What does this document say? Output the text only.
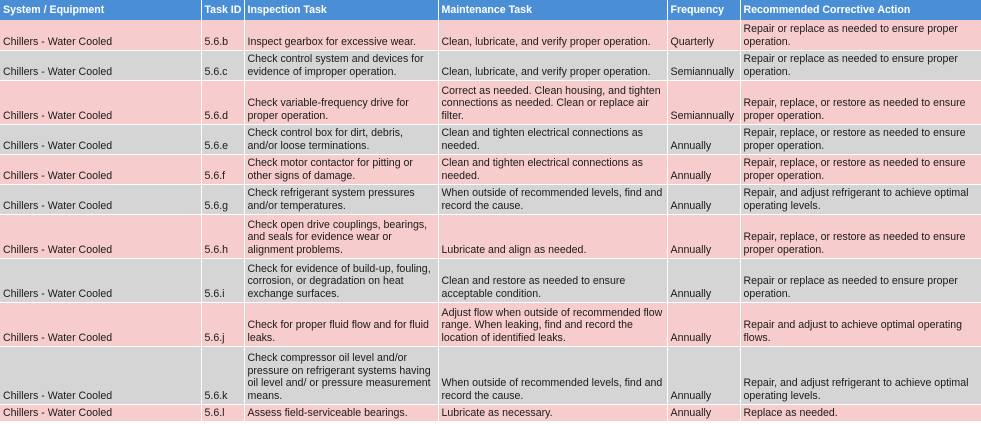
System / Equipment	Task ID	Inspection Task	Maintenance Task	Frequency	Recommended Corrective Action
Chillers - Water Cooled	5.6.b	Inspect gearbox for excessive wear.	Clean, lubricate, and verify proper operation.	Quarterly	Repair or replace as needed to ensure proper operation.
Chillers - Water Cooled	5.6.c	Check control system and devices for evidence of improper operation.	Clean, lubricate, and verify proper operation.	Semiannually	Repair or replace as needed to ensure proper operation.
Chillers - Water Cooled	5.6.d	Check variable-frequency drive for proper operation.	Correct as needed. Clean housing, and tighten connections as needed. Clean or replace air filter.	Semiannually	Repair, replace, or restore as needed to ensure proper operation.
Chillers - Water Cooled	5.6.e	Check control box for dirt, debris, and/or loose terminations.	Clean and tighten electrical connections as needed.	Annually	Repair, replace, or restore as needed to ensure proper operation.
Chillers - Water Cooled	5.6.f	Check motor contactor for pitting or other signs of damage.	Clean and tighten electrical connections as needed.	Annually	Repair, replace, or restore as needed to ensure proper operation.
Chillers - Water Cooled	5.6.g	Check refrigerant system pressures and/or temperatures.	When outside of recommended levels, find and record the cause.	Annually	Repair, and adjust refrigerant to achieve optimal operating levels.
Chillers - Water Cooled	5.6.h	Check open drive couplings, bearings, and seals for evidence wear or alignment problems.	Lubricate and align as needed.	Annually	Repair, replace, or restore as needed to ensure proper operation.
Chillers - Water Cooled	5.6.i	Check for evidence of build-up, fouling, corrosion, or degradation on heat exchange surfaces.	Clean and restore as needed to ensure acceptable condition.	Annually	Repair or replace as needed to ensure proper operation.
Chillers - Water Cooled	5.6.j	Check for proper fluid flow and for fluid leaks.	Adjust flow when outside of recommended flow range. When leaking, find and record the location of identified leaks.	Annually	Repair and adjust to achieve optimal operating flows.
Chillers - Water Cooled	5.6.k	Check compressor oil level and/or pressure on refrigerant systems having oil level and/ or pressure measurement means.	When outside of recommended levels, find and record the cause.	Annually	Repair, and adjust refrigerant to achieve optimal operating levels.
Chillers - Water Cooled	5.6.l	Assess field-serviceable bearings.	Lubricate as necessary.	Annually	Replace as needed.
